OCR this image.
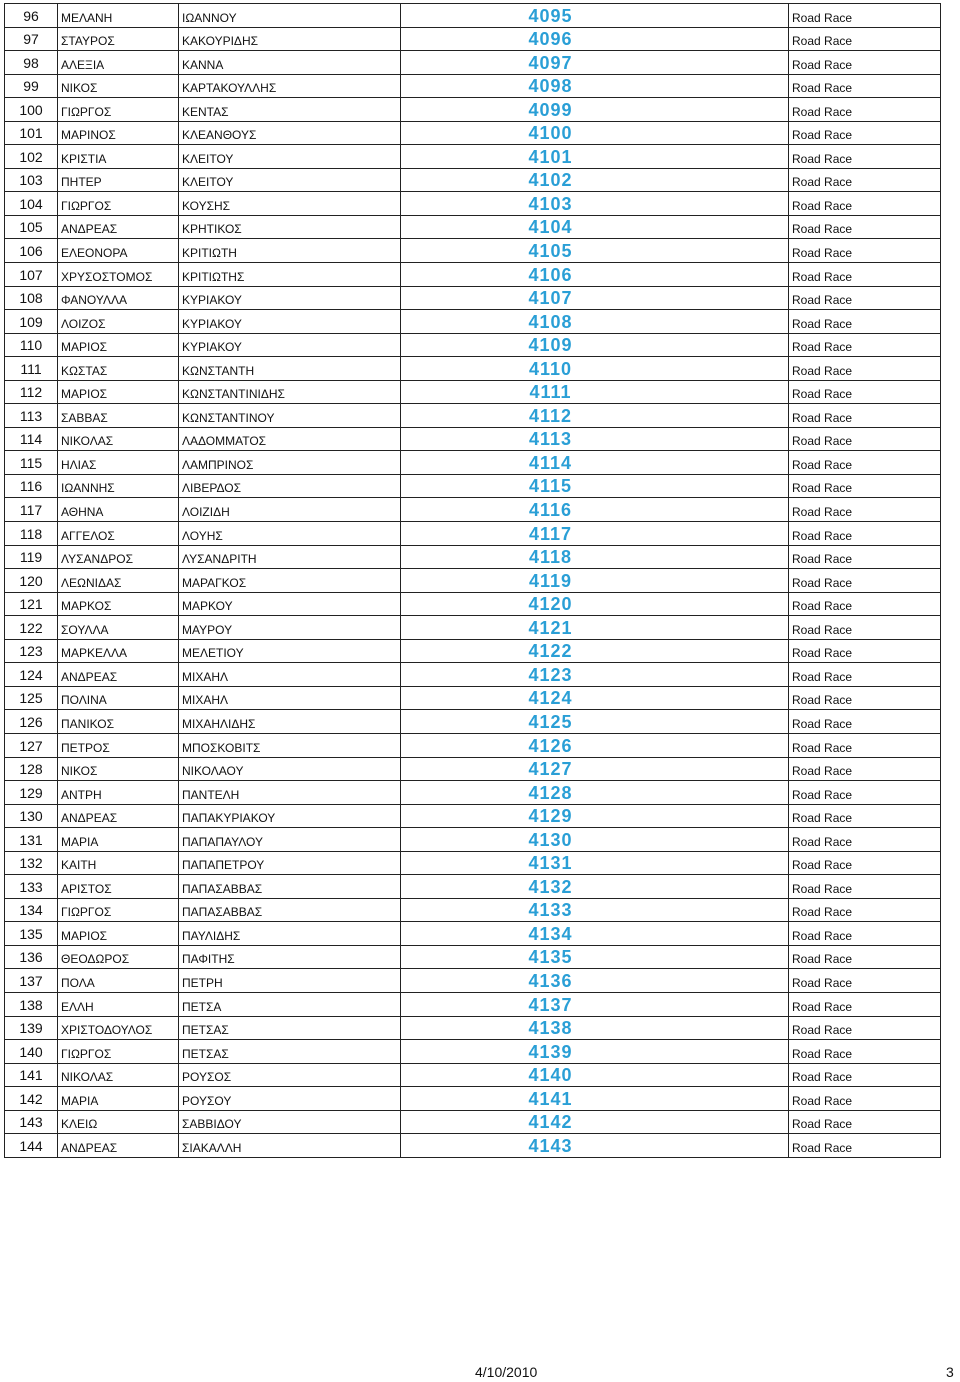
96	ΜΕΛΑΝΗ	ΙΩΑΝΝΟΥ	4095	Road Race
97	ΣΤΑΥΡΟΣ	ΚΑΚΟΥΡΙΔΗΣ	4096	Road Race
98	ΑΛΕΞΙΑ	ΚΑΝΝΑ	4097	Road Race
99	ΝΙΚΟΣ	ΚΑΡΤΑΚΟΥΛΛΗΣ	4098	Road Race
100	ΓΙΩΡΓΟΣ	ΚΕΝΤΑΣ	4099	Road Race
101	ΜΑΡΙΝΟΣ	ΚΛΕΑΝΘΟΥΣ	4100	Road Race
102	ΚΡΙΣΤΙΑ	ΚΛΕΙΤΟΥ	4101	Road Race
103	ΠΗΤΕΡ	ΚΛΕΙΤΟΥ	4102	Road Race
104	ΓΙΩΡΓΟΣ	ΚΟΥΣΗΣ	4103	Road Race
105	ΑΝΔΡΕΑΣ	ΚΡΗΤΙΚΟΣ	4104	Road Race
106	ΕΛΕΟΝΟΡΑ	ΚΡΙΤΙΩΤΗ	4105	Road Race
107	ΧΡΥΣΟΣΤΟΜΟΣ	ΚΡΙΤΙΩΤΗΣ	4106	Road Race
108	ΦΑΝΟΥΛΛΑ	ΚΥΡΙΑΚΟΥ	4107	Road Race
109	ΛΟΙΖΟΣ	ΚΥΡΙΑΚΟΥ	4108	Road Race
110	ΜΑΡΙΟΣ	ΚΥΡΙΑΚΟΥ	4109	Road Race
111	ΚΩΣΤΑΣ	ΚΩΝΣΤΑΝΤΗ	4110	Road Race
112	ΜΑΡΙΟΣ	ΚΩΝΣΤΑΝΤΙΝΙΔΗΣ	4111	Road Race
113	ΣΑΒΒΑΣ	ΚΩΝΣΤΑΝΤΙΝΟΥ	4112	Road Race
114	ΝΙΚΟΛΑΣ	ΛΑΔΟΜΜΑΤΟΣ	4113	Road Race
115	ΗΛΙΑΣ	ΛΑΜΠΡΙΝΟΣ	4114	Road Race
116	ΙΩΑΝΝΗΣ	ΛΙΒΕΡΔΟΣ	4115	Road Race
117	ΑΘΗΝΑ	ΛΟΙΖΙΔΗ	4116	Road Race
118	ΑΓΓΕΛΟΣ	ΛΟΥΗΣ	4117	Road Race
119	ΛΥΣΑΝΔΡΟΣ	ΛΥΣΑΝΔΡΙΤΗ	4118	Road Race
120	ΛΕΩΝΙΔΑΣ	ΜΑΡΑΓΚΟΣ	4119	Road Race
121	ΜΑΡΚΟΣ	ΜΑΡΚΟΥ	4120	Road Race
122	ΣΟΥΛΛΑ	ΜΑΥΡΟΥ	4121	Road Race
123	ΜΑΡΚΕΛΛΑ	ΜΕΛΕΤΙΟΥ	4122	Road Race
124	ΑΝΔΡΕΑΣ	ΜΙΧΑΗΛ	4123	Road Race
125	ΠΟΛΙΝΑ	ΜΙΧΑΗΛ	4124	Road Race
126	ΠΑΝΙΚΟΣ	ΜΙΧΑΗΛΙΔΗΣ	4125	Road Race
127	ΠΕΤΡΟΣ	ΜΠΟΣΚΟΒΙΤΣ	4126	Road Race
128	ΝΙΚΟΣ	ΝΙΚΟΛΑΟΥ	4127	Road Race
129	ΑΝΤΡΗ	ΠΑΝΤΕΛΗ	4128	Road Race
130	ΑΝΔΡΕΑΣ	ΠΑΠΑΚΥΡΙΑΚΟΥ	4129	Road Race
131	ΜΑΡΙΑ	ΠΑΠΑΠΑΥΛΟΥ	4130	Road Race
132	ΚΑΙΤΗ	ΠΑΠΑΠΕΤΡΟΥ	4131	Road Race
133	ΑΡΙΣΤΟΣ	ΠΑΠΑΣΑΒΒΑΣ	4132	Road Race
134	ΓΙΩΡΓΟΣ	ΠΑΠΑΣΑΒΒΑΣ	4133	Road Race
135	ΜΑΡΙΟΣ	ΠΑΥΛΙΔΗΣ	4134	Road Race
136	ΘΕΟΔΩΡΟΣ	ΠΑΦΙΤΗΣ	4135	Road Race
137	ΠΟΛΑ	ΠΕΤΡΗ	4136	Road Race
138	ΕΛΛΗ	ΠΕΤΣΑ	4137	Road Race
139	ΧΡΙΣΤΟΔΟΥΛΟΣ	ΠΕΤΣΑΣ	4138	Road Race
140	ΓΙΩΡΓΟΣ	ΠΕΤΣΑΣ	4139	Road Race
141	ΝΙΚΟΛΑΣ	ΡΟΥΣΟΣ	4140	Road Race
142	ΜΑΡΙΑ	ΡΟΥΣΟΥ	4141	Road Race
143	ΚΛΕΙΩ	ΣΑΒΒΙΔΟΥ	4142	Road Race
144	ΑΝΔΡΕΑΣ	ΣΙΑΚΑΛΛΗ	4143	Road Race
4/10/2010	3
